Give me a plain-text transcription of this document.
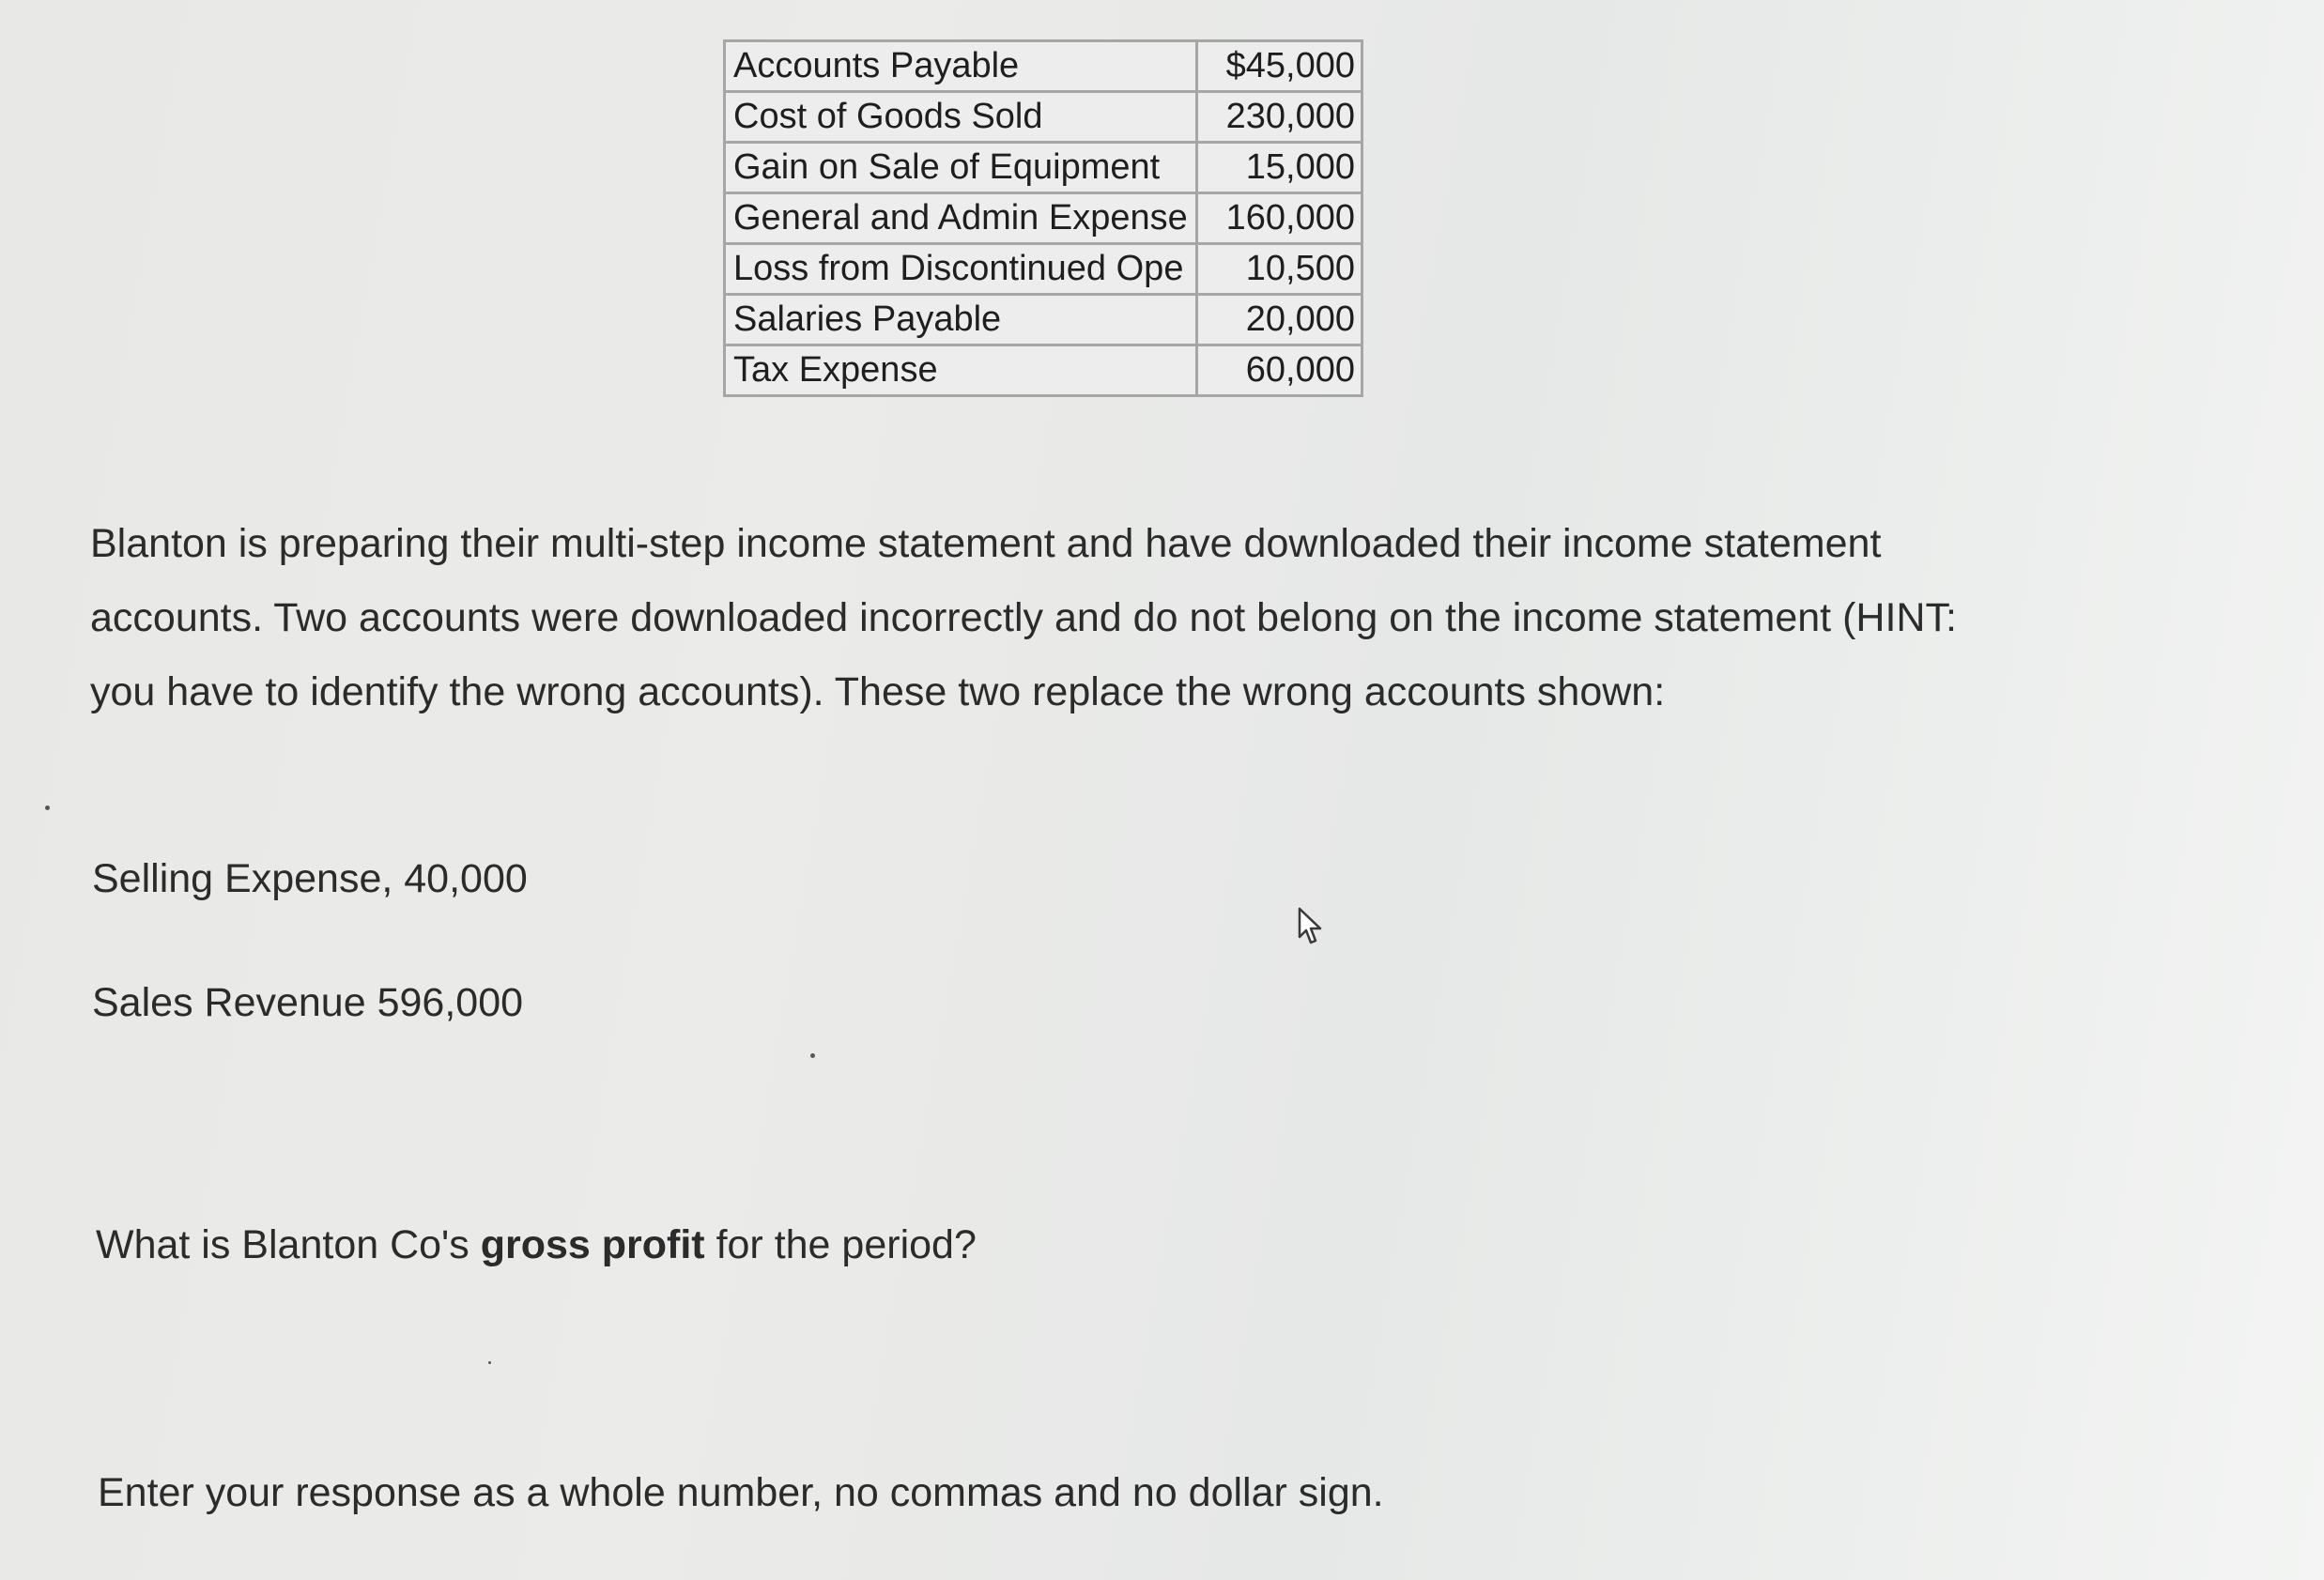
Accounts Payable	$45,000
Cost of Goods Sold	230,000
Gain on Sale of Equipment	15,000
General and Admin Expense	160,000
Loss from Discontinued Ope	10,500
Salaries Payable	20,000
Tax Expense	60,000
Blanton is preparing their multi-step income statement and have downloaded their income statement accounts. Two accounts were downloaded incorrectly and do not belong on the income statement (HINT: you have to identify the wrong accounts). These two replace the wrong accounts shown:
Selling Expense, 40,000
Sales Revenue 596,000
What is Blanton Co's gross profit for the period?
Enter your response as a whole number, no commas and no dollar sign.
